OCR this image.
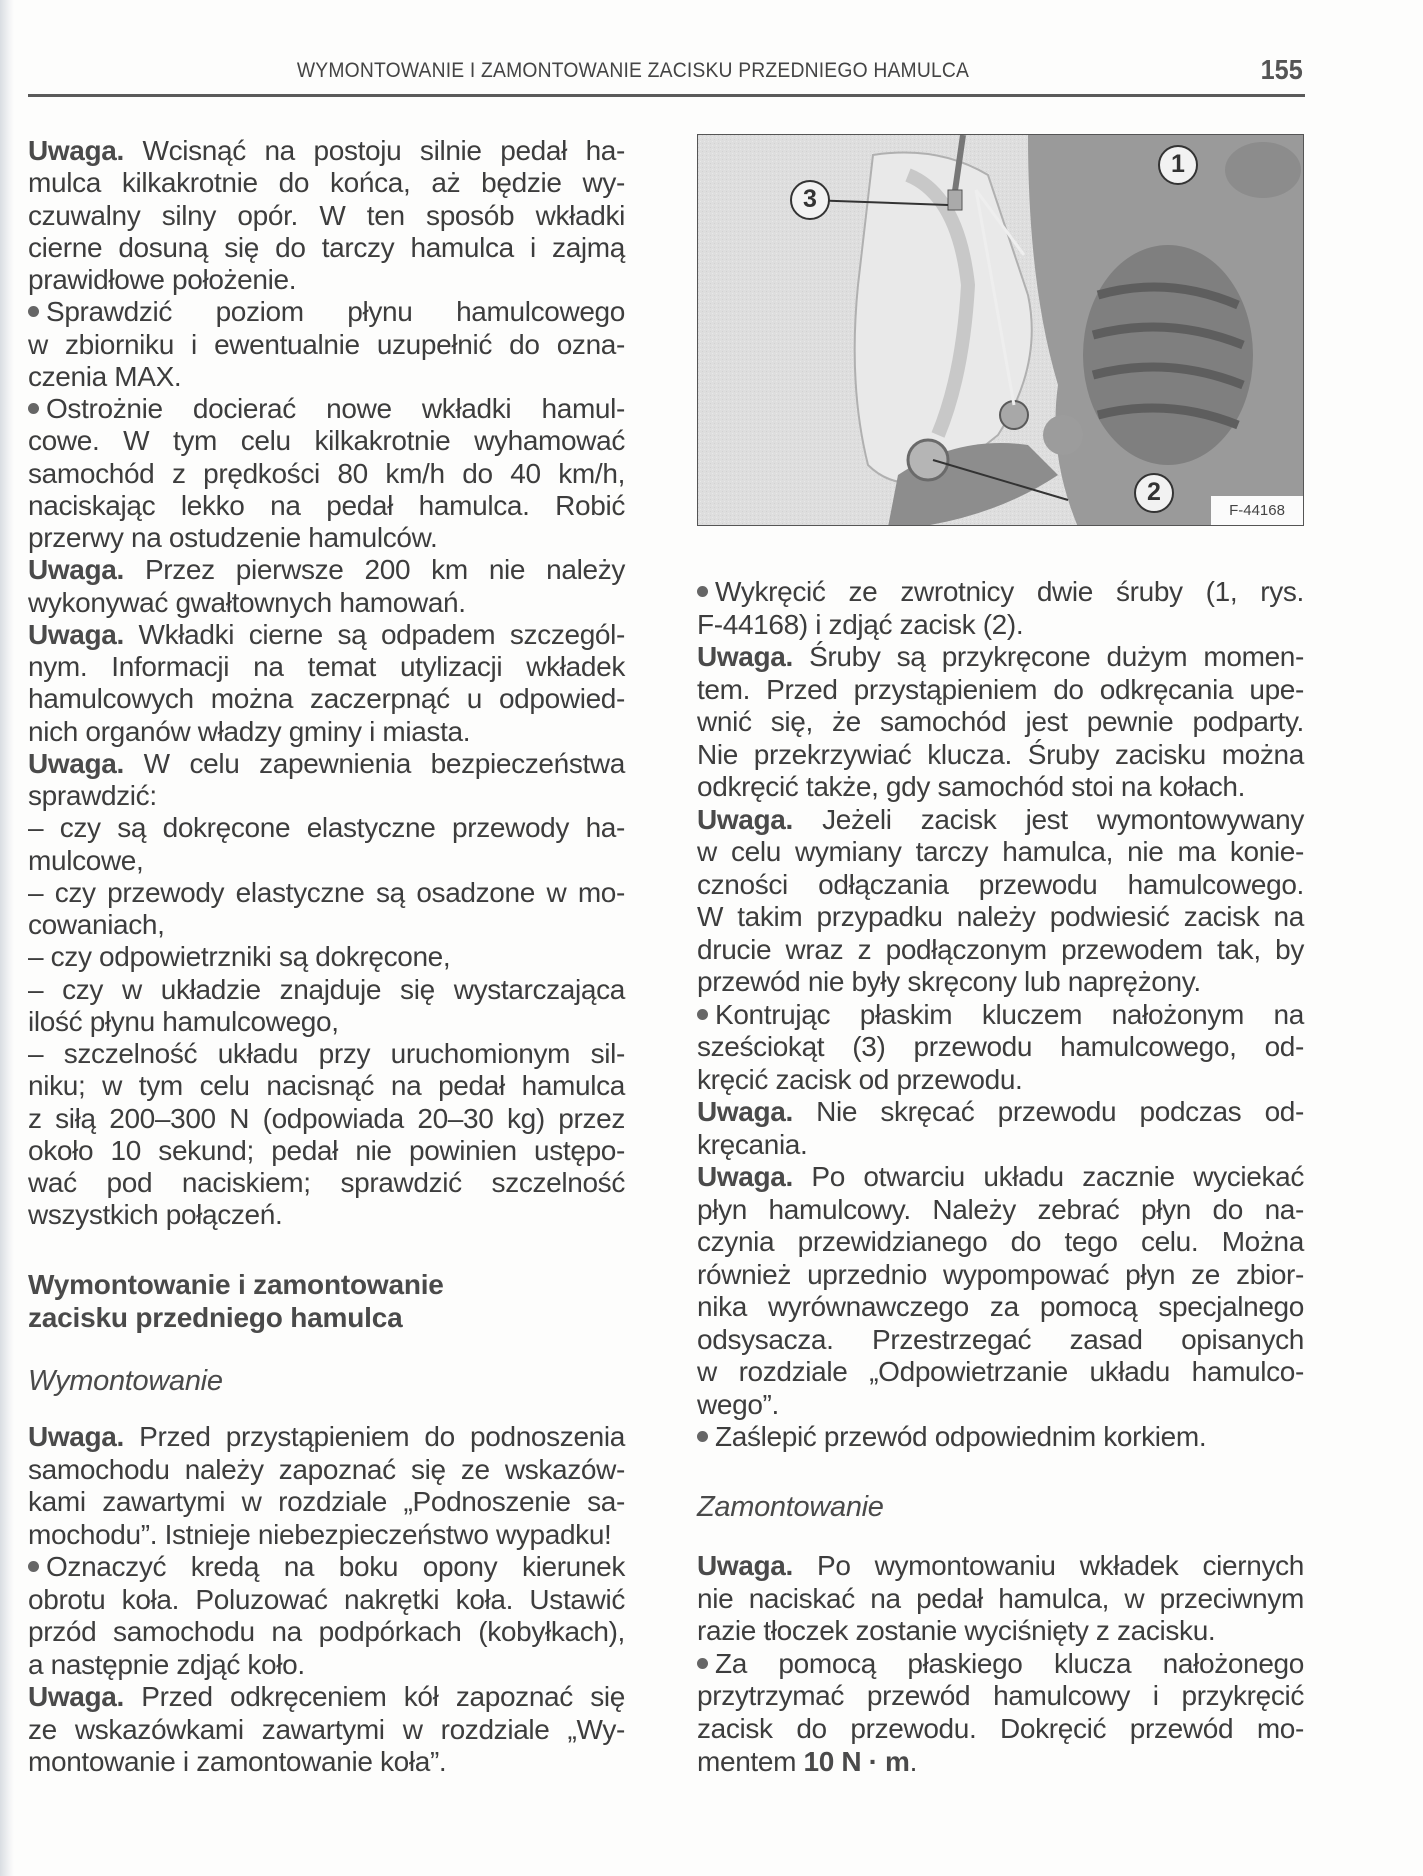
WYMONTOWANIE I ZAMONTOWANIE ZACISKU PRZEDNIEGO HAMULCA	155
Uwaga. Wcisnąć na postoju silnie pedał ha-
mulca kilkakrotnie do końca, aż będzie wy-
czuwalny silny opór. W ten sposób wkładki
cierne dosuną się do tarczy hamulca i zajmą
prawidłowe położenie.
Sprawdzić poziom płynu hamulcowego
w zbiorniku i ewentualnie uzupełnić do ozna-
czenia MAX.
Ostrożnie docierać nowe wkładki hamul-
cowe. W tym celu kilkakrotnie wyhamować
samochód z prędkości 80 km/h do 40 km/h,
naciskając lekko na pedał hamulca. Robić
przerwy na ostudzenie hamulców.
Uwaga. Przez pierwsze 200 km nie należy
wykonywać gwałtownych hamowań.
Uwaga. Wkładki cierne są odpadem szczegól-
nym. Informacji na temat utylizacji wkładek
hamulcowych można zaczerpnąć u odpowied-
nich organów władzy gminy i miasta.
Uwaga. W celu zapewnienia bezpieczeństwa
sprawdzić:
– czy są dokręcone elastyczne przewody ha-
mulcowe,
– czy przewody elastyczne są osadzone w mo-
cowaniach,
– czy odpowietrzniki są dokręcone,
– czy w układzie znajduje się wystarczająca
ilość płynu hamulcowego,
– szczelność układu przy uruchomionym sil-
niku; w tym celu nacisnąć na pedał hamulca
z siłą 200–300 N (odpowiada 20–30 kg) przez
około 10 sekund; pedał nie powinien ustępo-
wać pod naciskiem; sprawdzić szczelność
wszystkich połączeń.
Wymontowanie i zamontowanie
zacisku przedniego hamulca
Wymontowanie
Uwaga. Przed przystąpieniem do podnoszenia
samochodu należy zapoznać się ze wskazów-
kami zawartymi w rozdziale „Podnoszenie sa-
mochodu”. Istnieje niebezpieczeństwo wypadku!
Oznaczyć kredą na boku opony kierunek
obrotu koła. Poluzować nakrętki koła. Ustawić
przód samochodu na podpórkach (kobyłkach),
a następnie zdjąć koło.
Uwaga. Przed odkręceniem kół zapoznać się
ze wskazówkami zawartymi w rozdziale „Wy-
montowanie i zamontowanie koła”.
3
1
2
F-44168
Wykręcić ze zwrotnicy dwie śruby (1, rys.
F-44168) i zdjąć zacisk (2).
Uwaga. Śruby są przykręcone dużym momen-
tem. Przed przystąpieniem do odkręcania upe-
wnić się, że samochód jest pewnie podparty.
Nie przekrzywiać klucza. Śruby zacisku można
odkręcić także, gdy samochód stoi na kołach.
Uwaga. Jeżeli zacisk jest wymontowywany
w celu wymiany tarczy hamulca, nie ma konie-
czności odłączania przewodu hamulcowego.
W takim przypadku należy podwiesić zacisk na
drucie wraz z podłączonym przewodem tak, by
przewód nie były skręcony lub naprężony.
Kontrując płaskim kluczem nałożonym na
sześciokąt (3) przewodu hamulcowego, od-
kręcić zacisk od przewodu.
Uwaga. Nie skręcać przewodu podczas od-
kręcania.
Uwaga. Po otwarciu układu zacznie wyciekać
płyn hamulcowy. Należy zebrać płyn do na-
czynia przewidzianego do tego celu. Można
również uprzednio wypompować płyn ze zbior-
nika wyrównawczego za pomocą specjalnego
odsysacza. Przestrzegać zasad opisanych
w rozdziale „Odpowietrzanie układu hamulco-
wego”.
Zaślepić przewód odpowiednim korkiem.
Zamontowanie
Uwaga. Po wymontowaniu wkładek ciernych
nie naciskać na pedał hamulca, w przeciwnym
razie tłoczek zostanie wyciśnięty z zacisku.
Za pomocą płaskiego klucza nałożonego
przytrzymać przewód hamulcowy i przykręcić
zacisk do przewodu. Dokręcić przewód mo-
mentem 10 N · m.
